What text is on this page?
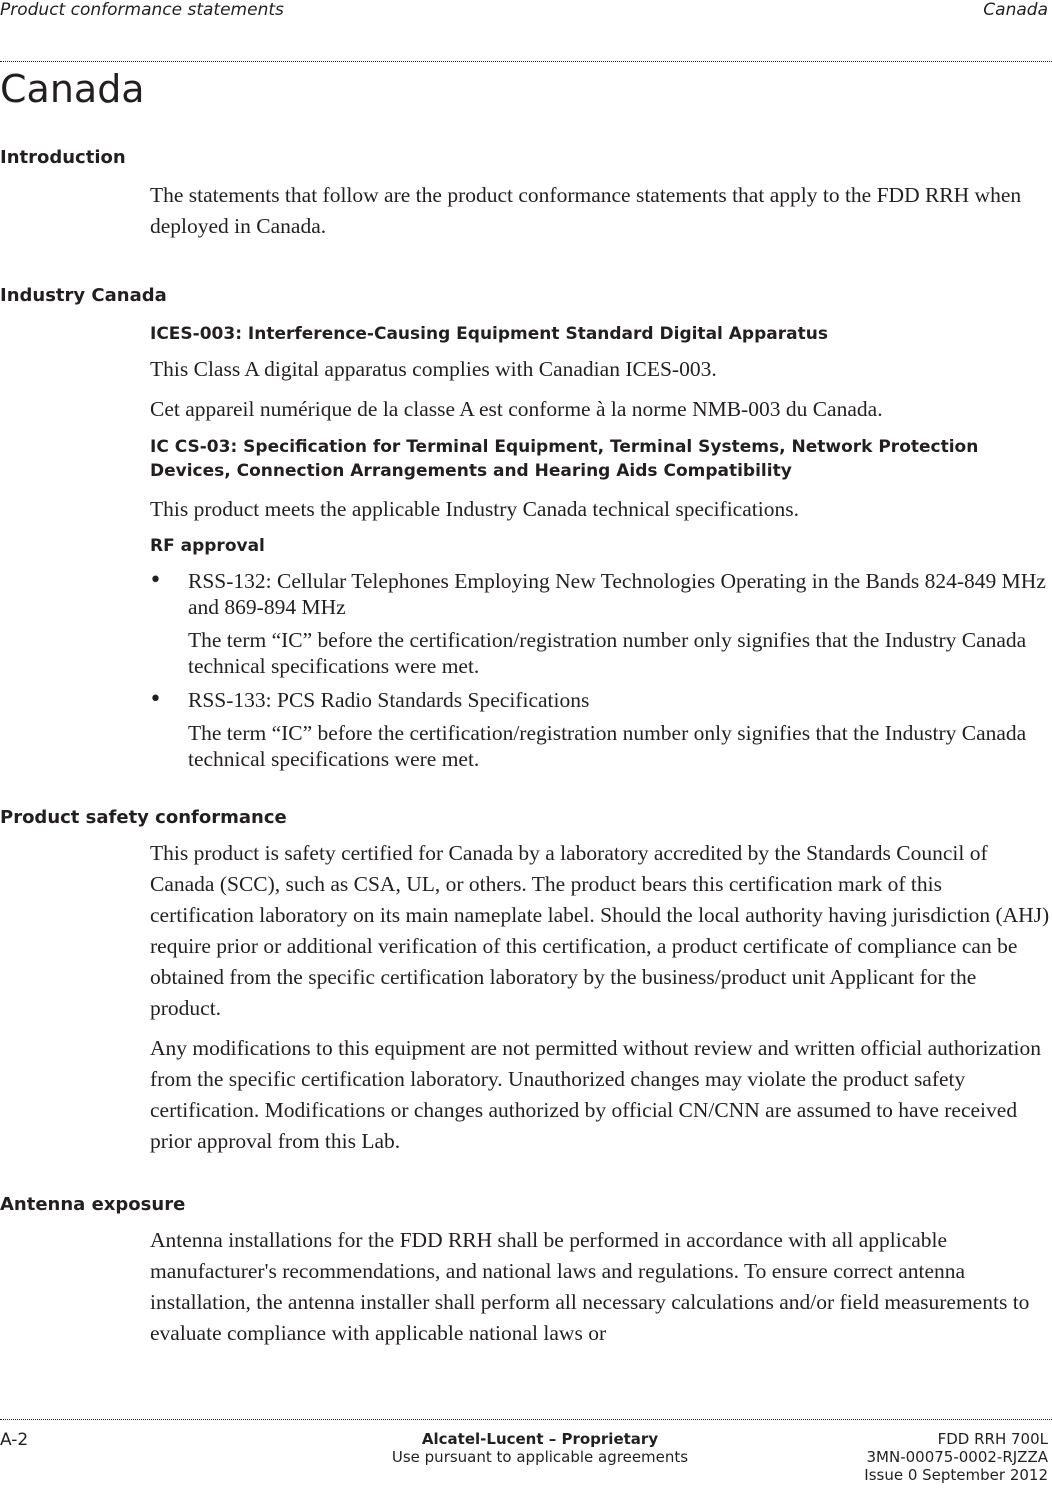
Product conformance statements	Canada
Canada
Introduction

The statements that follow are the product conformance statements that apply to the FDD RRH when deployed in Canada.

Industry Canada
ICES-003: Interference-Causing Equipment Standard Digital Apparatus

This Class A digital apparatus complies with Canadian ICES-003.

Cet appareil numérique de la classe A est conforme à la norme NMB-003 du Canada.

IC CS-03: Specification for Terminal Equipment, Terminal Systems, Network Protection Devices, Connection Arrangements and Hearing Aids Compatibility

This product meets the applicable Industry Canada technical specifications.

RF approval
• RSS-132: Cellular Telephones Employing New Technologies Operating in the Bands 824-849 MHz and 869-894 MHz
The term “IC” before the certification/registration number only signifies that the Industry Canada technical specifications were met.
• RSS-133: PCS Radio Standards Specifications
The term “IC” before the certification/registration number only signifies that the Industry Canada technical specifications were met.
Product safety conformance

This product is safety certified for Canada by a laboratory accredited by the Standards Council of Canada (SCC), such as CSA, UL, or others. The product bears this certification mark of this certification laboratory on its main nameplate label. Should the local authority having jurisdiction (AHJ) require prior or additional verification of this certification, a product certificate of compliance can be obtained from the specific certification laboratory by the business/product unit Applicant for the product.

Any modifications to this equipment are not permitted without review and written official authorization from the specific certification laboratory. Unauthorized changes may violate the product safety certification. Modifications or changes authorized by official CN/CNN are assumed to have received prior approval from this Lab.

Antenna exposure

Antenna installations for the FDD RRH shall be performed in accordance with all applicable manufacturer's recommendations, and national laws and regulations. To ensure correct antenna installation, the antenna installer shall perform all necessary calculations and/or field measurements to evaluate compliance with applicable national laws or

A-2	Alcatel-Lucent – Proprietary
Use pursuant to applicable agreements
FDD RRH 700L
3MN-00075-0002-RJZZA
Issue 0 September 2012
